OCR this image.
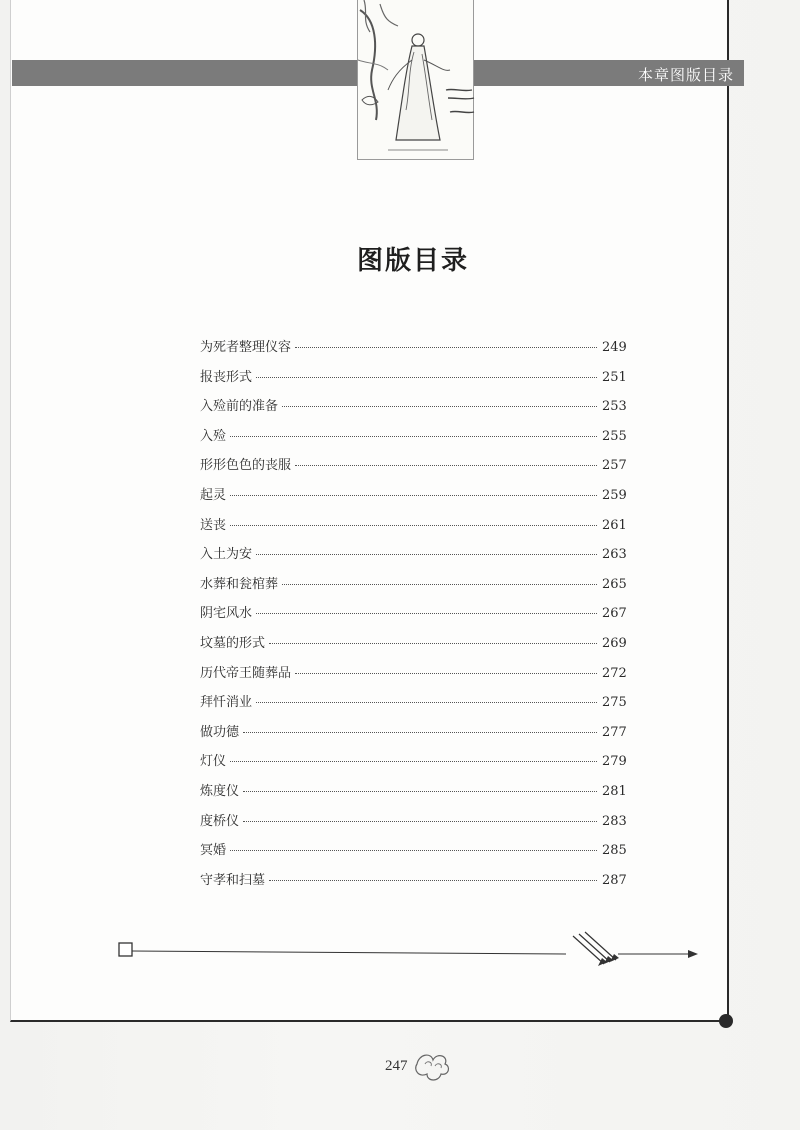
本章图版目录
图版目录
为死者整理仪容	249
报丧形式	251
入殓前的准备	253
入殓	255
形形色色的丧服	257
起灵	259
送丧	261
入土为安	263
水葬和瓮棺葬	265
阴宅风水	267
坟墓的形式	269
历代帝王随葬品	272
拜忏消业	275
做功德	277
灯仪	279
炼度仪	281
度桥仪	283
冥婚	285
守孝和扫墓	287
247
